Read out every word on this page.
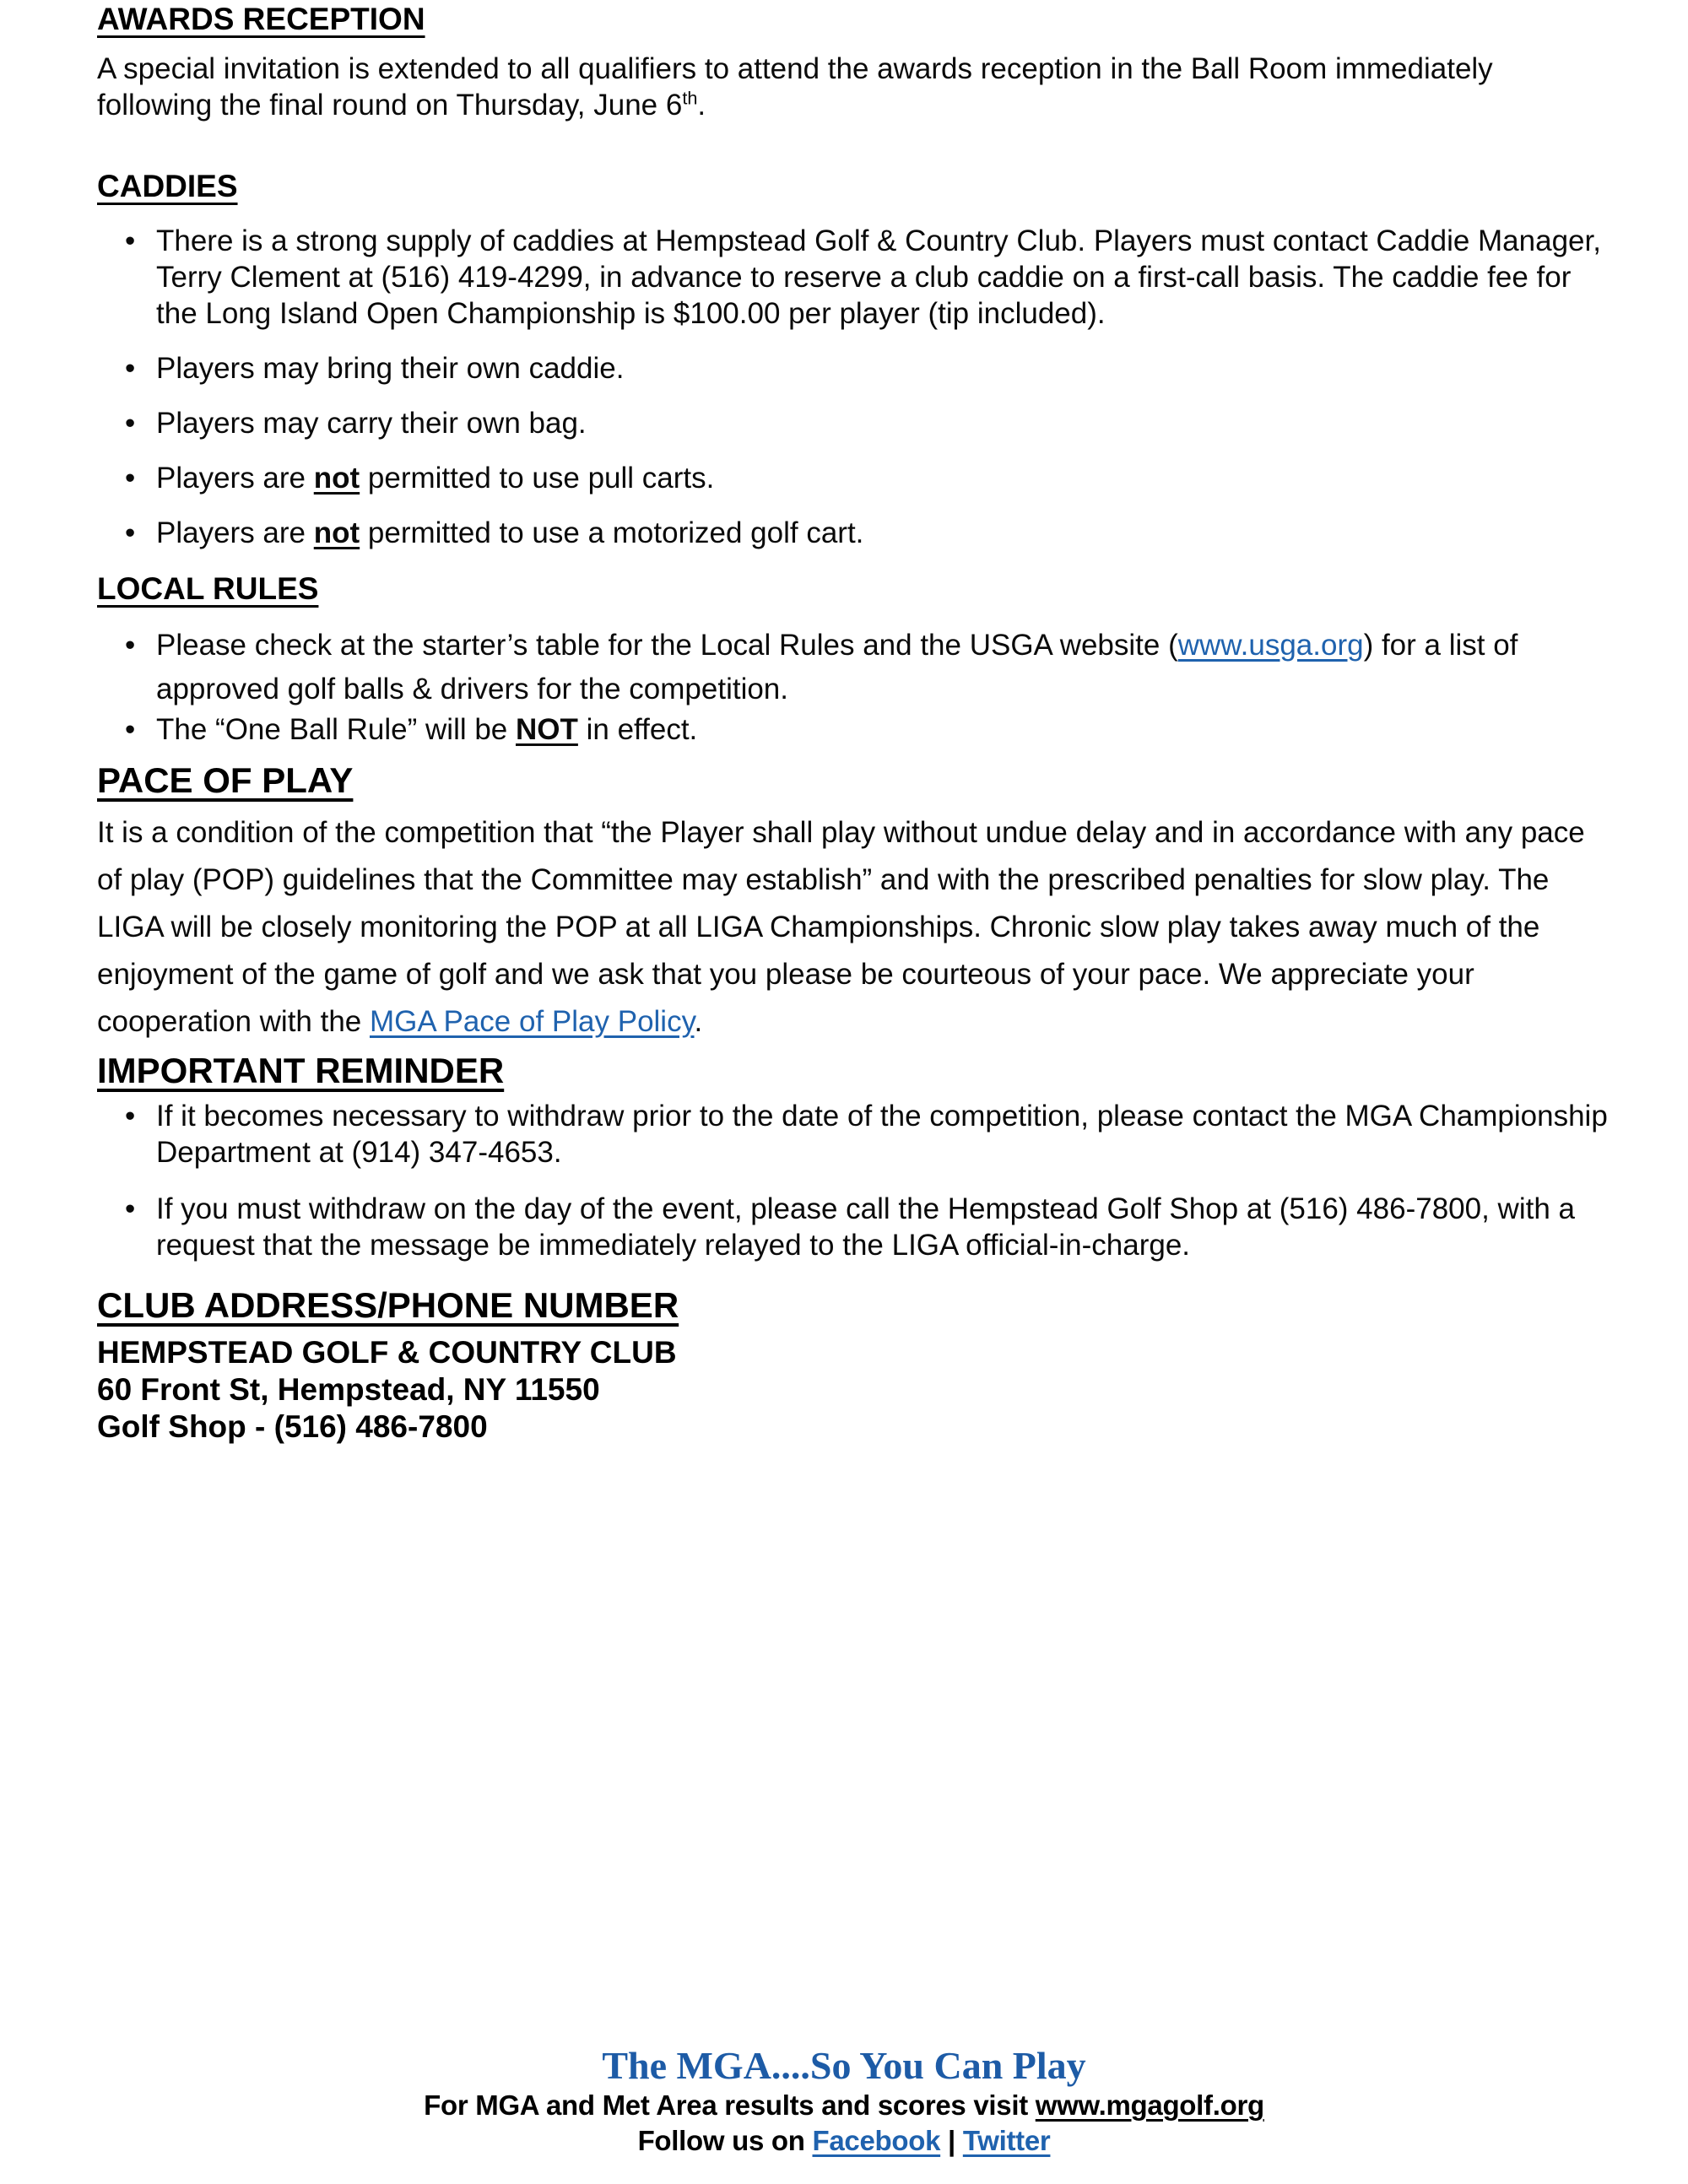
AWARDS RECEPTION

A special invitation is extended to all qualifiers to attend the awards reception in the Ball Room immediately following the final round on Thursday, June 6th.

CADDIES
• There is a strong supply of caddies at Hempstead Golf & Country Club. Players must contact Caddie Manager, Terry Clement at (516) 419-4299, in advance to reserve a club caddie on a first-call basis. The caddie fee for the Long Island Open Championship is $100.00 per player (tip included).
• Players may bring their own caddie.
• Players may carry their own bag.
• Players are not permitted to use pull carts.
• Players are not permitted to use a motorized golf cart.
LOCAL RULES
• Please check at the starter’s table for the Local Rules and the USGA website (www.usga.org) for a list of approved golf balls & drivers for the competition.
• The “One Ball Rule” will be NOT in effect.
PACE OF PLAY

It is a condition of the competition that “the Player shall play without undue delay and in accordance with any pace of play (POP) guidelines that the Committee may establish” and with the prescribed penalties for slow play. The LIGA will be closely monitoring the POP at all LIGA Championships. Chronic slow play takes away much of the enjoyment of the game of golf and we ask that you please be courteous of your pace. We appreciate your cooperation with the MGA Pace of Play Policy.

IMPORTANT REMINDER
• If it becomes necessary to withdraw prior to the date of the competition, please contact the MGA Championship Department at (914) 347-4653.
• If you must withdraw on the day of the event, please call the Hempstead Golf Shop at (516) 486-7800, with a request that the message be immediately relayed to the LIGA official-in-charge.
CLUB ADDRESS/PHONE NUMBER
HEMPSTEAD GOLF & COUNTRY CLUB
60 Front St, Hempstead, NY 11550
Golf Shop - (516) 486-7800
The MGA....So You Can Play
For MGA and Met Area results and scores visit www.mgagolf.org
Follow us on Facebook | Twitter
